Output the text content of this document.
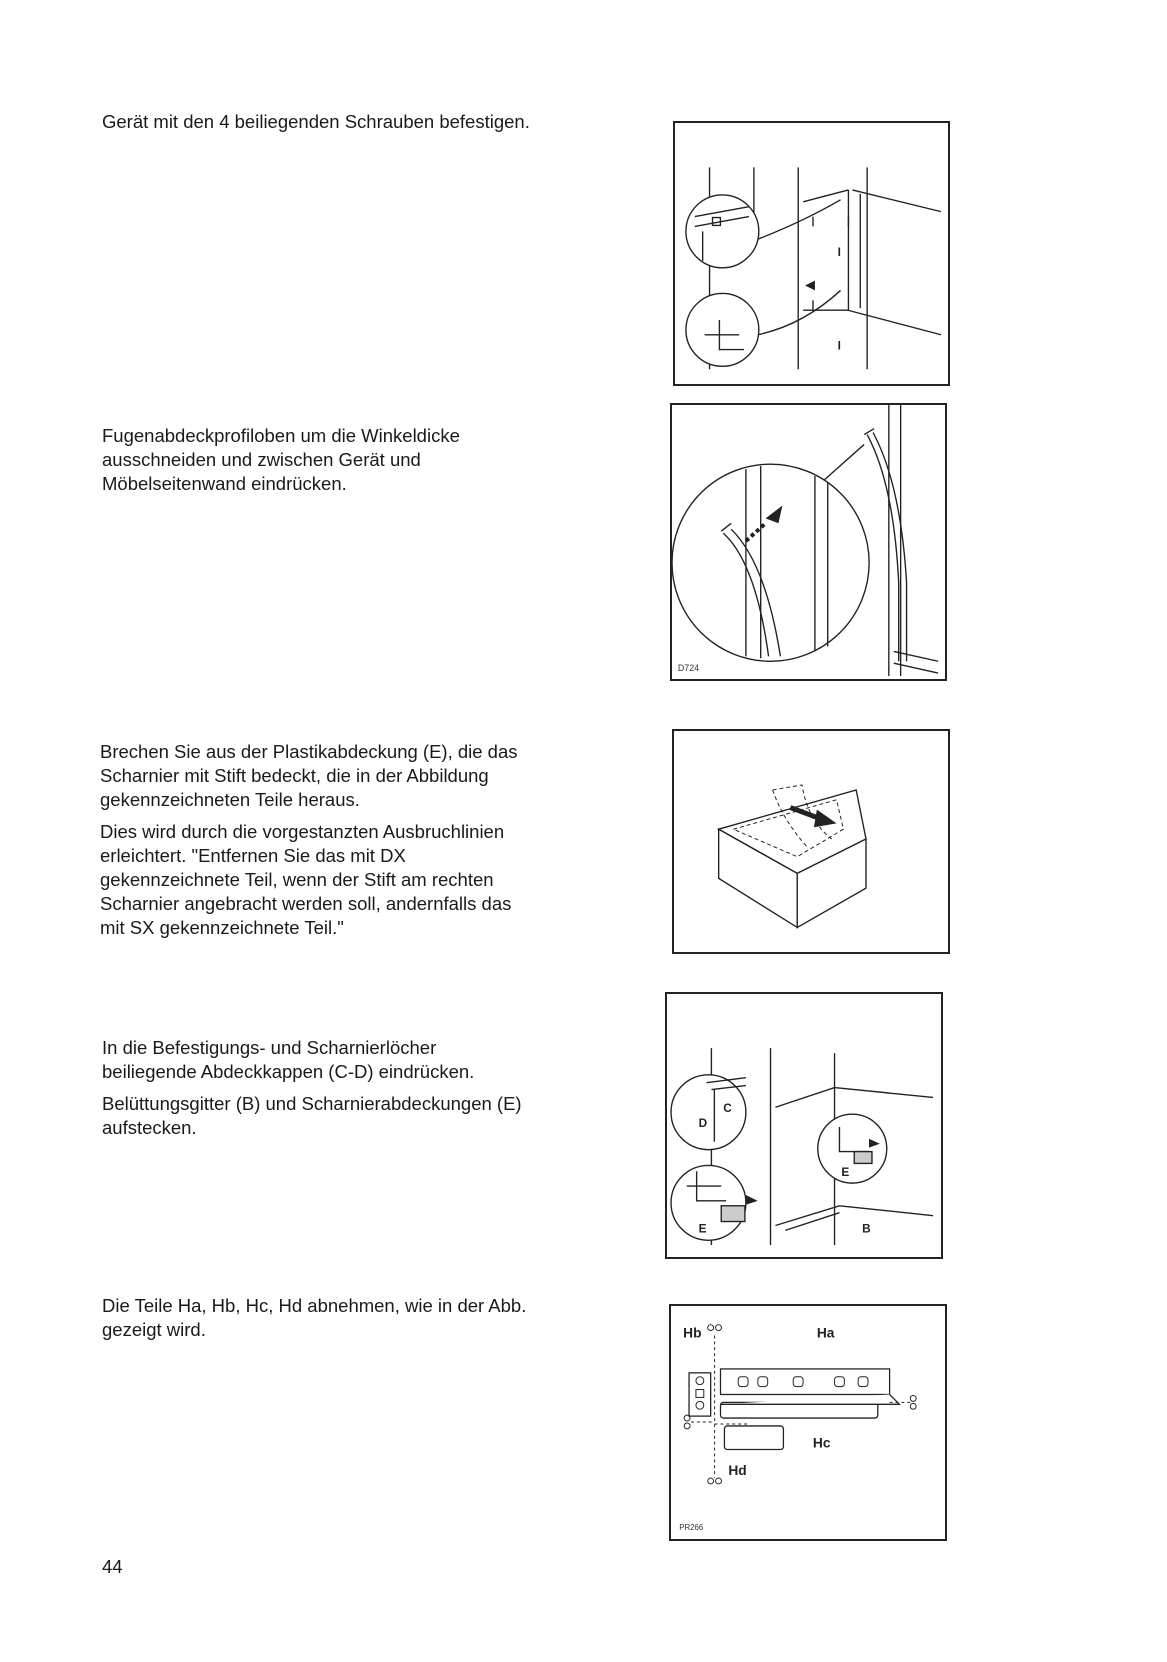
Gerät mit den 4 beiliegenden Schrauben befestigen.

I
I

Fugenabdeckprofiloben um die Winkeldicke
ausschneiden und zwischen Gerät und
Möbelseitenwand eindrücken.

D724

Brechen Sie aus der Plastikabdeckung (E), die das
Scharnier mit Stift bedeckt, die in der Abbildung
gekennzeichneten Teile heraus.

Dies wird durch die vorgestanzten Ausbruchlinien
erleichtert. "Entfernen Sie das mit DX
gekennzeichnete Teil, wenn der Stift am rechten
Scharnier angebracht werden soll, andernfalls das
mit SX gekennzeichnete Teil."

In die Befestigungs- und Scharnierlöcher
beiliegende Abdeckkappen (C-D) eindrücken.

Belüttungsgitter (B) und Scharnierabdeckungen (E)
aufstecken.

C
D
E
E	B

Die Teile Ha, Hb, Hc, Hd abnehmen, wie in der Abb.
gezeigt wird.	Hb	Ha
Hc
Hd
PR266
44
